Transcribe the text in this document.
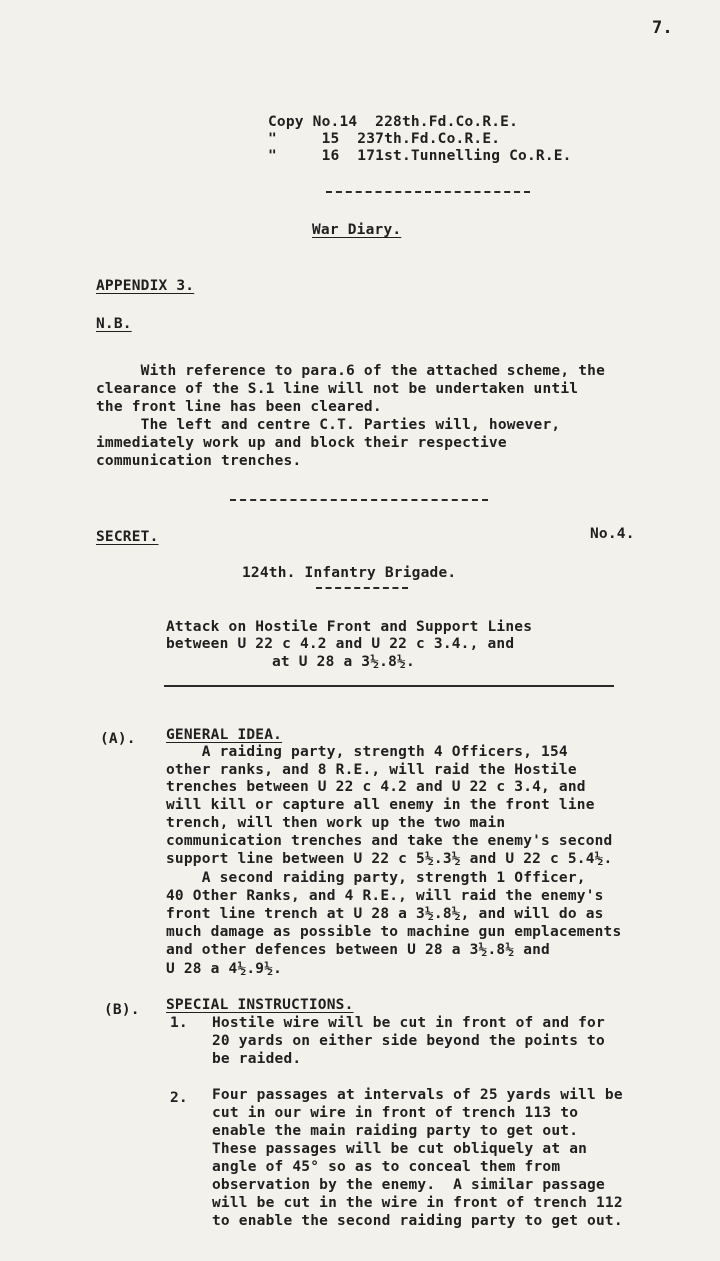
7.
Copy No.14  228th.Fd.Co.R.E.
"     15  237th.Fd.Co.R.E.
"     16  171st.Tunnelling Co.R.E.
War Diary.
APPENDIX 3.
N.B.
With reference to para.6 of the attached scheme, the
clearance of the S.1 line will not be undertaken until
the front line has been cleared.
The left and centre C.T. Parties will, however,
immediately work up and block their respective
communication trenches.
SECRET.	No.4.
124th. Infantry Brigade.
Attack on Hostile Front and Support Lines
between U 22 c 4.2 and U 22 c 3.4., and
at U 28 a 3½.8½.
(A). GENERAL IDEA.
A raiding party, strength 4 Officers, 154
other ranks, and 8 R.E., will raid the Hostile
trenches between U 22 c 4.2 and U 22 c 3.4, and
will kill or capture all enemy in the front line
trench, will then work up the two main
communication trenches and take the enemy's second
support line between U 22 c 5½.3½ and U 22 c 5.4½.
A second raiding party, strength 1 Officer,
40 Other Ranks, and 4 R.E., will raid the enemy's
front line trench at U 28 a 3½.8½, and will do as
much damage as possible to machine gun emplacements
and other defences between U 28 a 3½.8½ and
U 28 a 4½.9½.
(B). SPECIAL INSTRUCTIONS.
1. Hostile wire will be cut in front of and for
20 yards on either side beyond the points to
be raided.
2. Four passages at intervals of 25 yards will be
cut in our wire in front of trench 113 to
enable the main raiding party to get out.
These passages will be cut obliquely at an
angle of 45° so as to conceal them from
observation by the enemy.  A similar passage
will be cut in the wire in front of trench 112
to enable the second raiding party to get out.
